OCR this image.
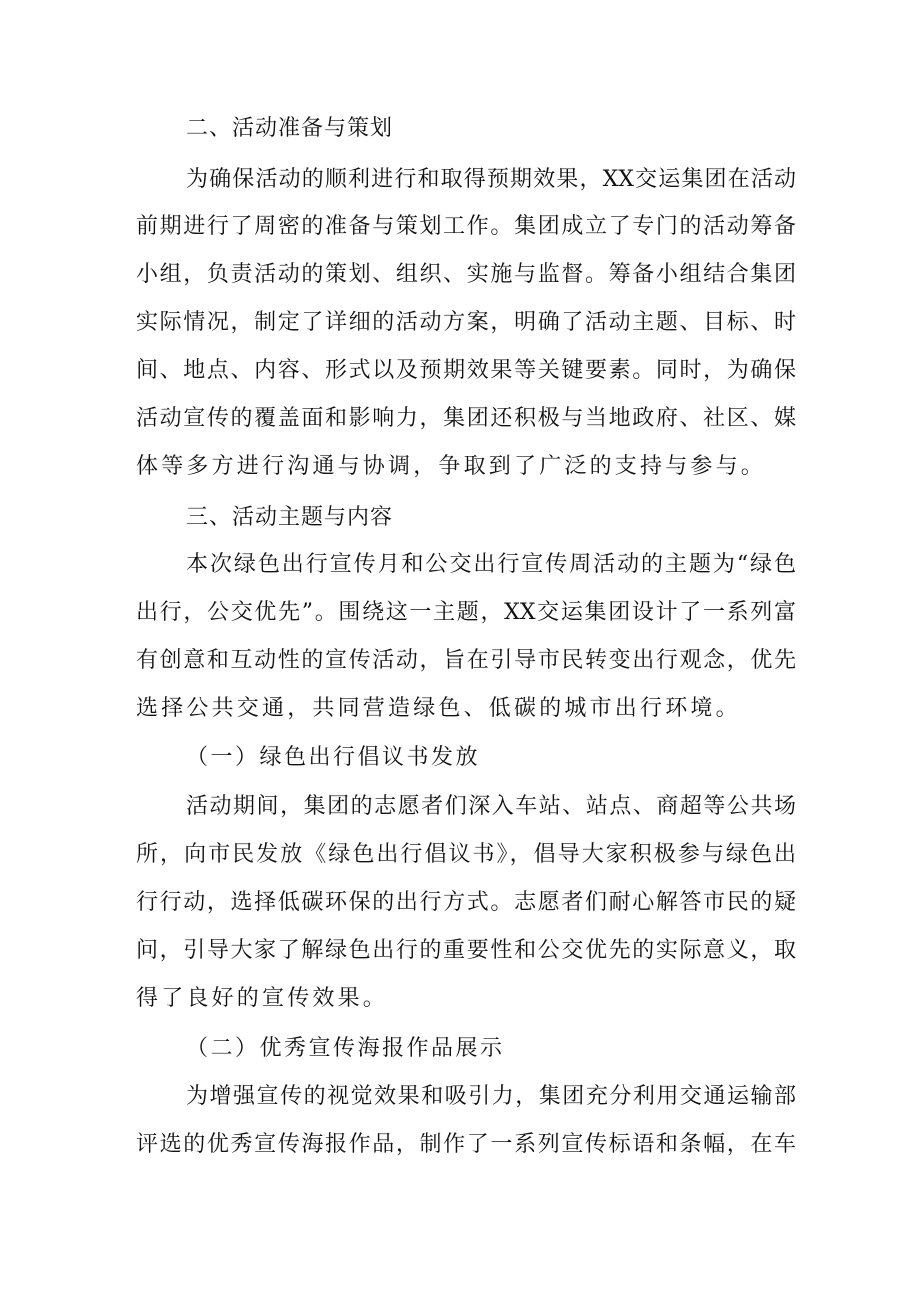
二、活动准备与策划
为确保活动的顺利进行和取得预期效果，XX交运集团在活动
前期进行了周密的准备与策划工作。集团成立了专门的活动筹备
小组，负责活动的策划、组织、实施与监督。筹备小组结合集团
实际情况，制定了详细的活动方案，明确了活动主题、目标、时
间、地点、内容、形式以及预期效果等关键要素。同时，为确保
活动宣传的覆盖面和影响力，集团还积极与当地政府、社区、媒
体等多方进行沟通与协调，争取到了广泛的支持与参与。
三、活动主题与内容
本次绿色出行宣传月和公交出行宣传周活动的主题为“绿色
出行，公交优先”。围绕这一主题，XX交运集团设计了一系列富
有创意和互动性的宣传活动，旨在引导市民转变出行观念，优先
选择公共交通，共同营造绿色、低碳的城市出行环境。
（一）绿色出行倡议书发放
活动期间，集团的志愿者们深入车站、站点、商超等公共场
所，向市民发放《绿色出行倡议书》，倡导大家积极参与绿色出
行行动，选择低碳环保的出行方式。志愿者们耐心解答市民的疑
问，引导大家了解绿色出行的重要性和公交优先的实际意义，取
得了良好的宣传效果。
（二）优秀宣传海报作品展示
为增强宣传的视觉效果和吸引力，集团充分利用交通运输部
评选的优秀宣传海报作品，制作了一系列宣传标语和条幅，在车
